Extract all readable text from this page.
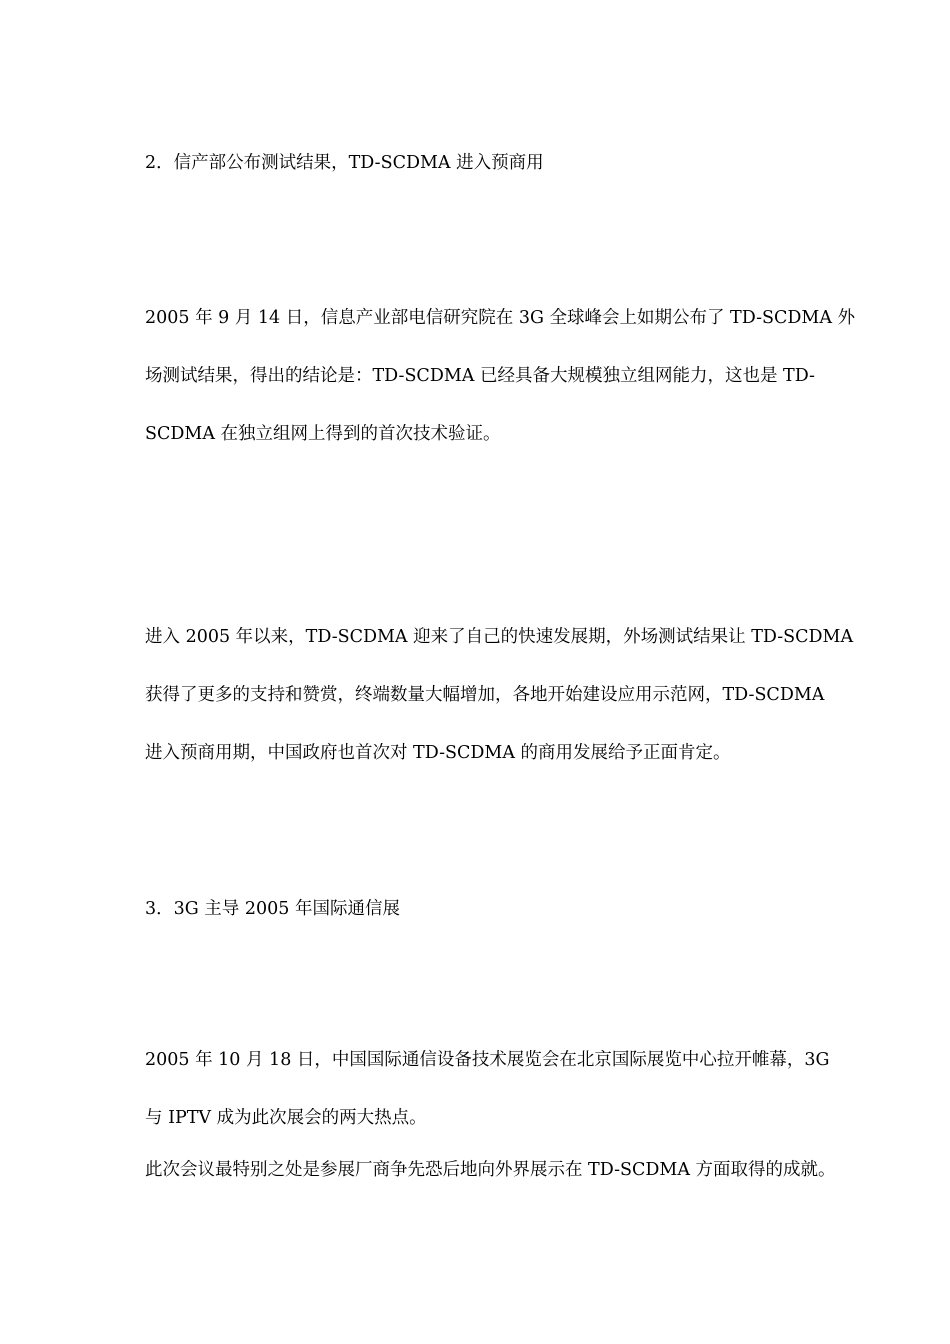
2．信产部公布测试结果，TD-SCDMA 进入预商用
2005 年 9 月 14 日，信息产业部电信研究院在 3G 全球峰会上如期公布了 TD-SCDMA 外
场测试结果，得出的结论是：TD-SCDMA 已经具备大规模独立组网能力，这也是 TD-
SCDMA 在独立组网上得到的首次技术验证。
进入 2005 年以来，TD-SCDMA 迎来了自己的快速发展期，外场测试结果让 TD-SCDMA
获得了更多的支持和赞赏，终端数量大幅增加，各地开始建设应用示范网，TD-SCDMA
进入预商用期，中国政府也首次对 TD-SCDMA 的商用发展给予正面肯定。
3．3G 主导 2005 年国际通信展
2005 年 10 月 18 日，中国国际通信设备技术展览会在北京国际展览中心拉开帷幕，3G
与 IPTV 成为此次展会的两大热点。
此次会议最特别之处是参展厂商争先恐后地向外界展示在 TD-SCDMA 方面取得的成就。
